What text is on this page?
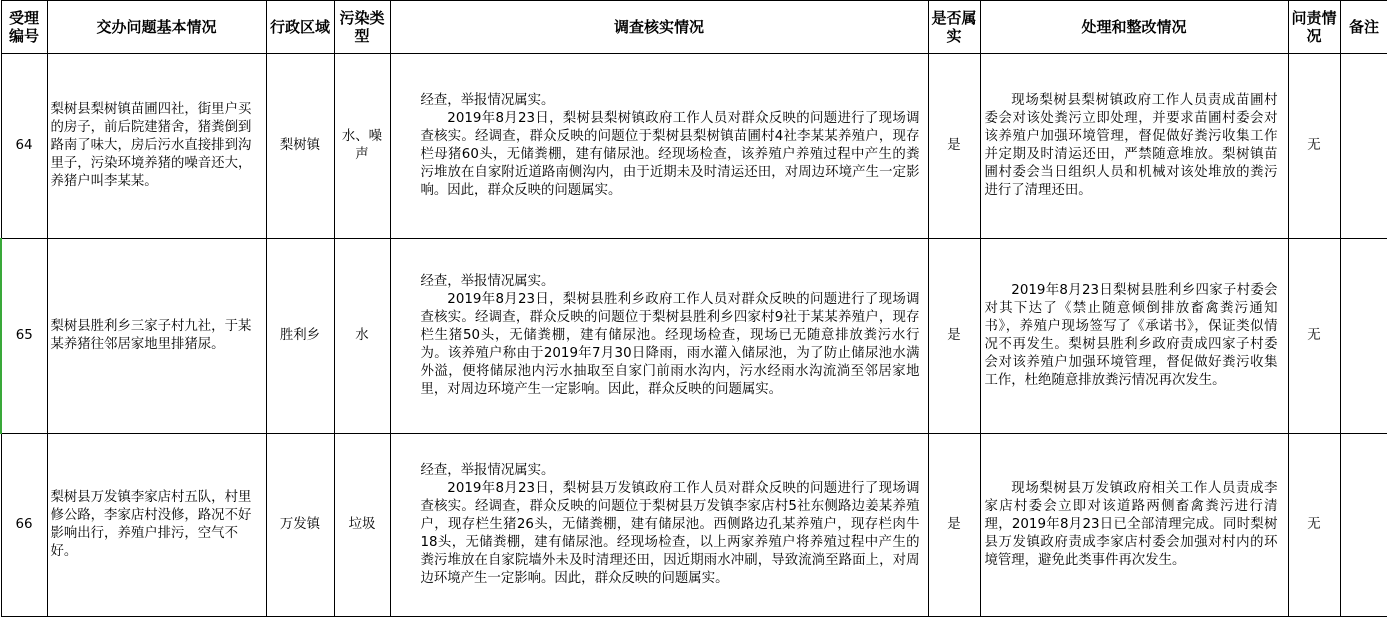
受理编号	交办问题基本情况	行政区域	污染类型	调查核实情况	是否属实	处理和整改情况	问责情况	备注
64	梨树县梨树镇苗圃四社，街里户买的房子，前后院建猪舍，猪粪倒到路南了味大，房后污水直接排到沟里子，污染环境养猪的噪音还大，养猪户叫李某某。	梨树镇	水、噪声	经查，举报情况属实。

2019年8月23日，梨树县梨树镇政府工作人员对群众反映的问题进行了现场调查核实。经调查，群众反映的问题位于梨树县梨树镇苗圃村4社李某某养殖户，现存栏母猪60头，无储粪棚，建有储尿池。经现场检查，该养殖户养殖过程中产生的粪污堆放在自家附近道路南侧沟内，由于近期未及时清运还田，对周边环境产生一定影响。因此，群众反映的问题属实。	是	现场梨树县梨树镇政府工作人员责成苗圃村委会对该处粪污立即处理，并要求苗圃村委会对该养殖户加强环境管理，督促做好粪污收集工作并定期及时清运还田，严禁随意堆放。梨树镇苗圃村委会当日组织人员和机械对该处堆放的粪污进行了清理还田。	无	
65	梨树县胜利乡三家子村九社，于某某养猪往邻居家地里排猪尿。	胜利乡	水	经查，举报情况属实。

2019年8月23日，梨树县胜利乡政府工作人员对群众反映的问题进行了现场调查核实。经调查，群众反映的问题位于梨树县胜利乡四家村9社于某某养殖户，现存栏生猪50头，无储粪棚，建有储尿池。经现场检查，现场已无随意排放粪污水行为。该养殖户称由于2019年7月30日降雨，雨水灌入储尿池，为了防止储尿池水满外溢，便将储尿池内污水抽取至自家门前雨水沟内，污水经雨水沟流淌至邻居家地里，对周边环境产生一定影响。因此，群众反映的问题属实。	是	2019年8月23日梨树县胜利乡四家子村委会对其下达了《禁止随意倾倒排放畜禽粪污通知书》，养殖户现场签写了《承诺书》，保证类似情况不再发生。梨树县胜利乡政府责成四家子村委会对该养殖户加强环境管理，督促做好粪污收集工作，杜绝随意排放粪污情况再次发生。	无	
66	梨树县万发镇李家店村五队，村里修公路，李家店村没修，路况不好影响出行，养殖户排污，空气不好。	万发镇	垃圾	经查，举报情况属实。

2019年8月23日，梨树县万发镇政府工作人员对群众反映的问题进行了现场调查核实。经调查，群众反映的问题位于梨树县万发镇李家店村5社东侧路边姜某养殖户，现存栏生猪26头，无储粪棚，建有储尿池。西侧路边孔某养殖户，现存栏肉牛18头，无储粪棚，建有储尿池。经现场检查，以上两家养殖户将养殖过程中产生的粪污堆放在自家院墙外未及时清理还田，因近期雨水冲刷，导致流淌至路面上，对周边环境产生一定影响。因此，群众反映的问题属实。	是	现场梨树县万发镇政府相关工作人员责成李家店村委会立即对该道路两侧畜禽粪污进行清理，2019年8月23日已全部清理完成。同时梨树县万发镇政府责成李家店村委会加强对村内的环境管理，避免此类事件再次发生。	无	
